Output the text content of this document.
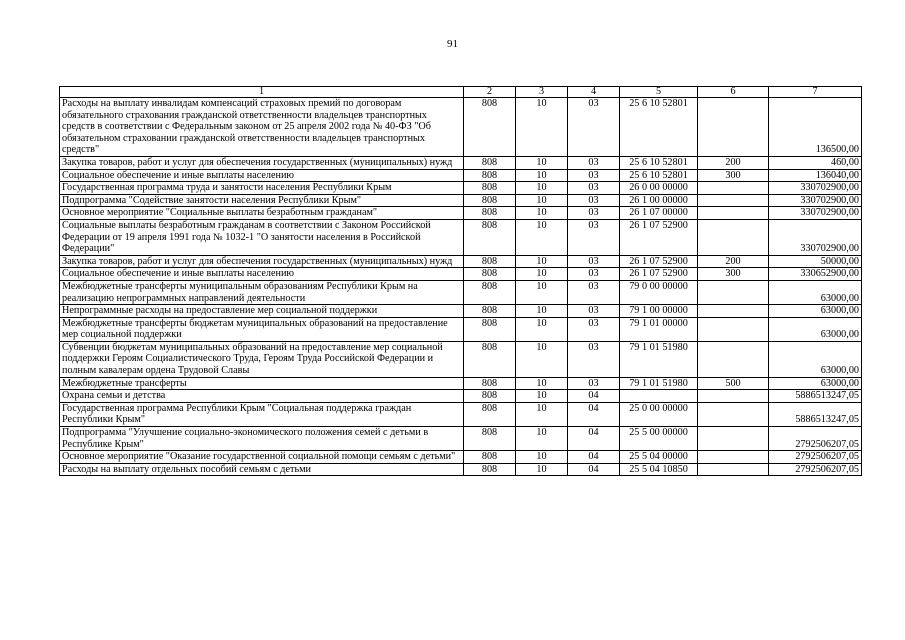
91
1	2	3	4	5	6	7
Расходы на выплату инвалидам компенсаций страховых премий по договорам обязательного страхования гражданской ответственности владельцев транспортных средств в соответствии с Федеральным законом от 25 апреля 2002 года № 40-ФЗ "Об обязательном страховании гражданской ответственности владельцев транспортных средств"	808	10	03	25 6 10 52801		136500,00
Закупка товаров, работ и услуг для обеспечения государственных (муниципальных) нужд	808	10	03	25 6 10 52801	200	460,00
Социальное обеспечение и иные выплаты населению	808	10	03	25 6 10 52801	300	136040,00
Государственная программа труда и занятости населения Республики Крым	808	10	03	26 0 00 00000		330702900,00
Подпрограмма "Содействие занятости населения Республики Крым"	808	10	03	26 1 00 00000		330702900,00
Основное мероприятие "Социальные выплаты безработным гражданам"	808	10	03	26 1 07 00000		330702900,00
Социальные выплаты безработным гражданам в соответствии с Законом Российской Федерации от 19 апреля 1991 года № 1032-1 "О занятости населения в Российской Федерации"	808	10	03	26 1 07 52900		330702900,00
Закупка товаров, работ и услуг для обеспечения государственных (муниципальных) нужд	808	10	03	26 1 07 52900	200	50000,00
Социальное обеспечение и иные выплаты населению	808	10	03	26 1 07 52900	300	330652900,00
Межбюджетные трансферты муниципальным образованиям Республики Крым на реализацию непрограммных направлений деятельности	808	10	03	79 0 00 00000		63000,00
Непрограммные расходы на предоставление мер социальной поддержки	808	10	03	79 1 00 00000		63000,00
Межбюджетные трансферты бюджетам муниципальных образований на предоставление мер социальной поддержки	808	10	03	79 1 01 00000		63000,00
Субвенции бюджетам муниципальных образований на предоставление мер социальной поддержки Героям Социалистического Труда, Героям Труда Российской Федерации и полным кавалерам ордена Трудовой Славы	808	10	03	79 1 01 51980		63000,00
Межбюджетные трансферты	808	10	03	79 1 01 51980	500	63000,00
Охрана семьи и детства	808	10	04			5886513247,05
Государственная программа Республики Крым "Социальная поддержка граждан Республики Крым"	808	10	04	25 0 00 00000		5886513247,05
Подпрограмма "Улучшение социально-экономического положения семей с детьми в Республике Крым"	808	10	04	25 5 00 00000		2792506207,05
Основное мероприятие "Оказание государственной социальной помощи семьям с детьми"	808	10	04	25 5 04 00000		2792506207,05
Расходы на выплату отдельных пособий семьям с детьми	808	10	04	25 5 04 10850		2792506207,05
